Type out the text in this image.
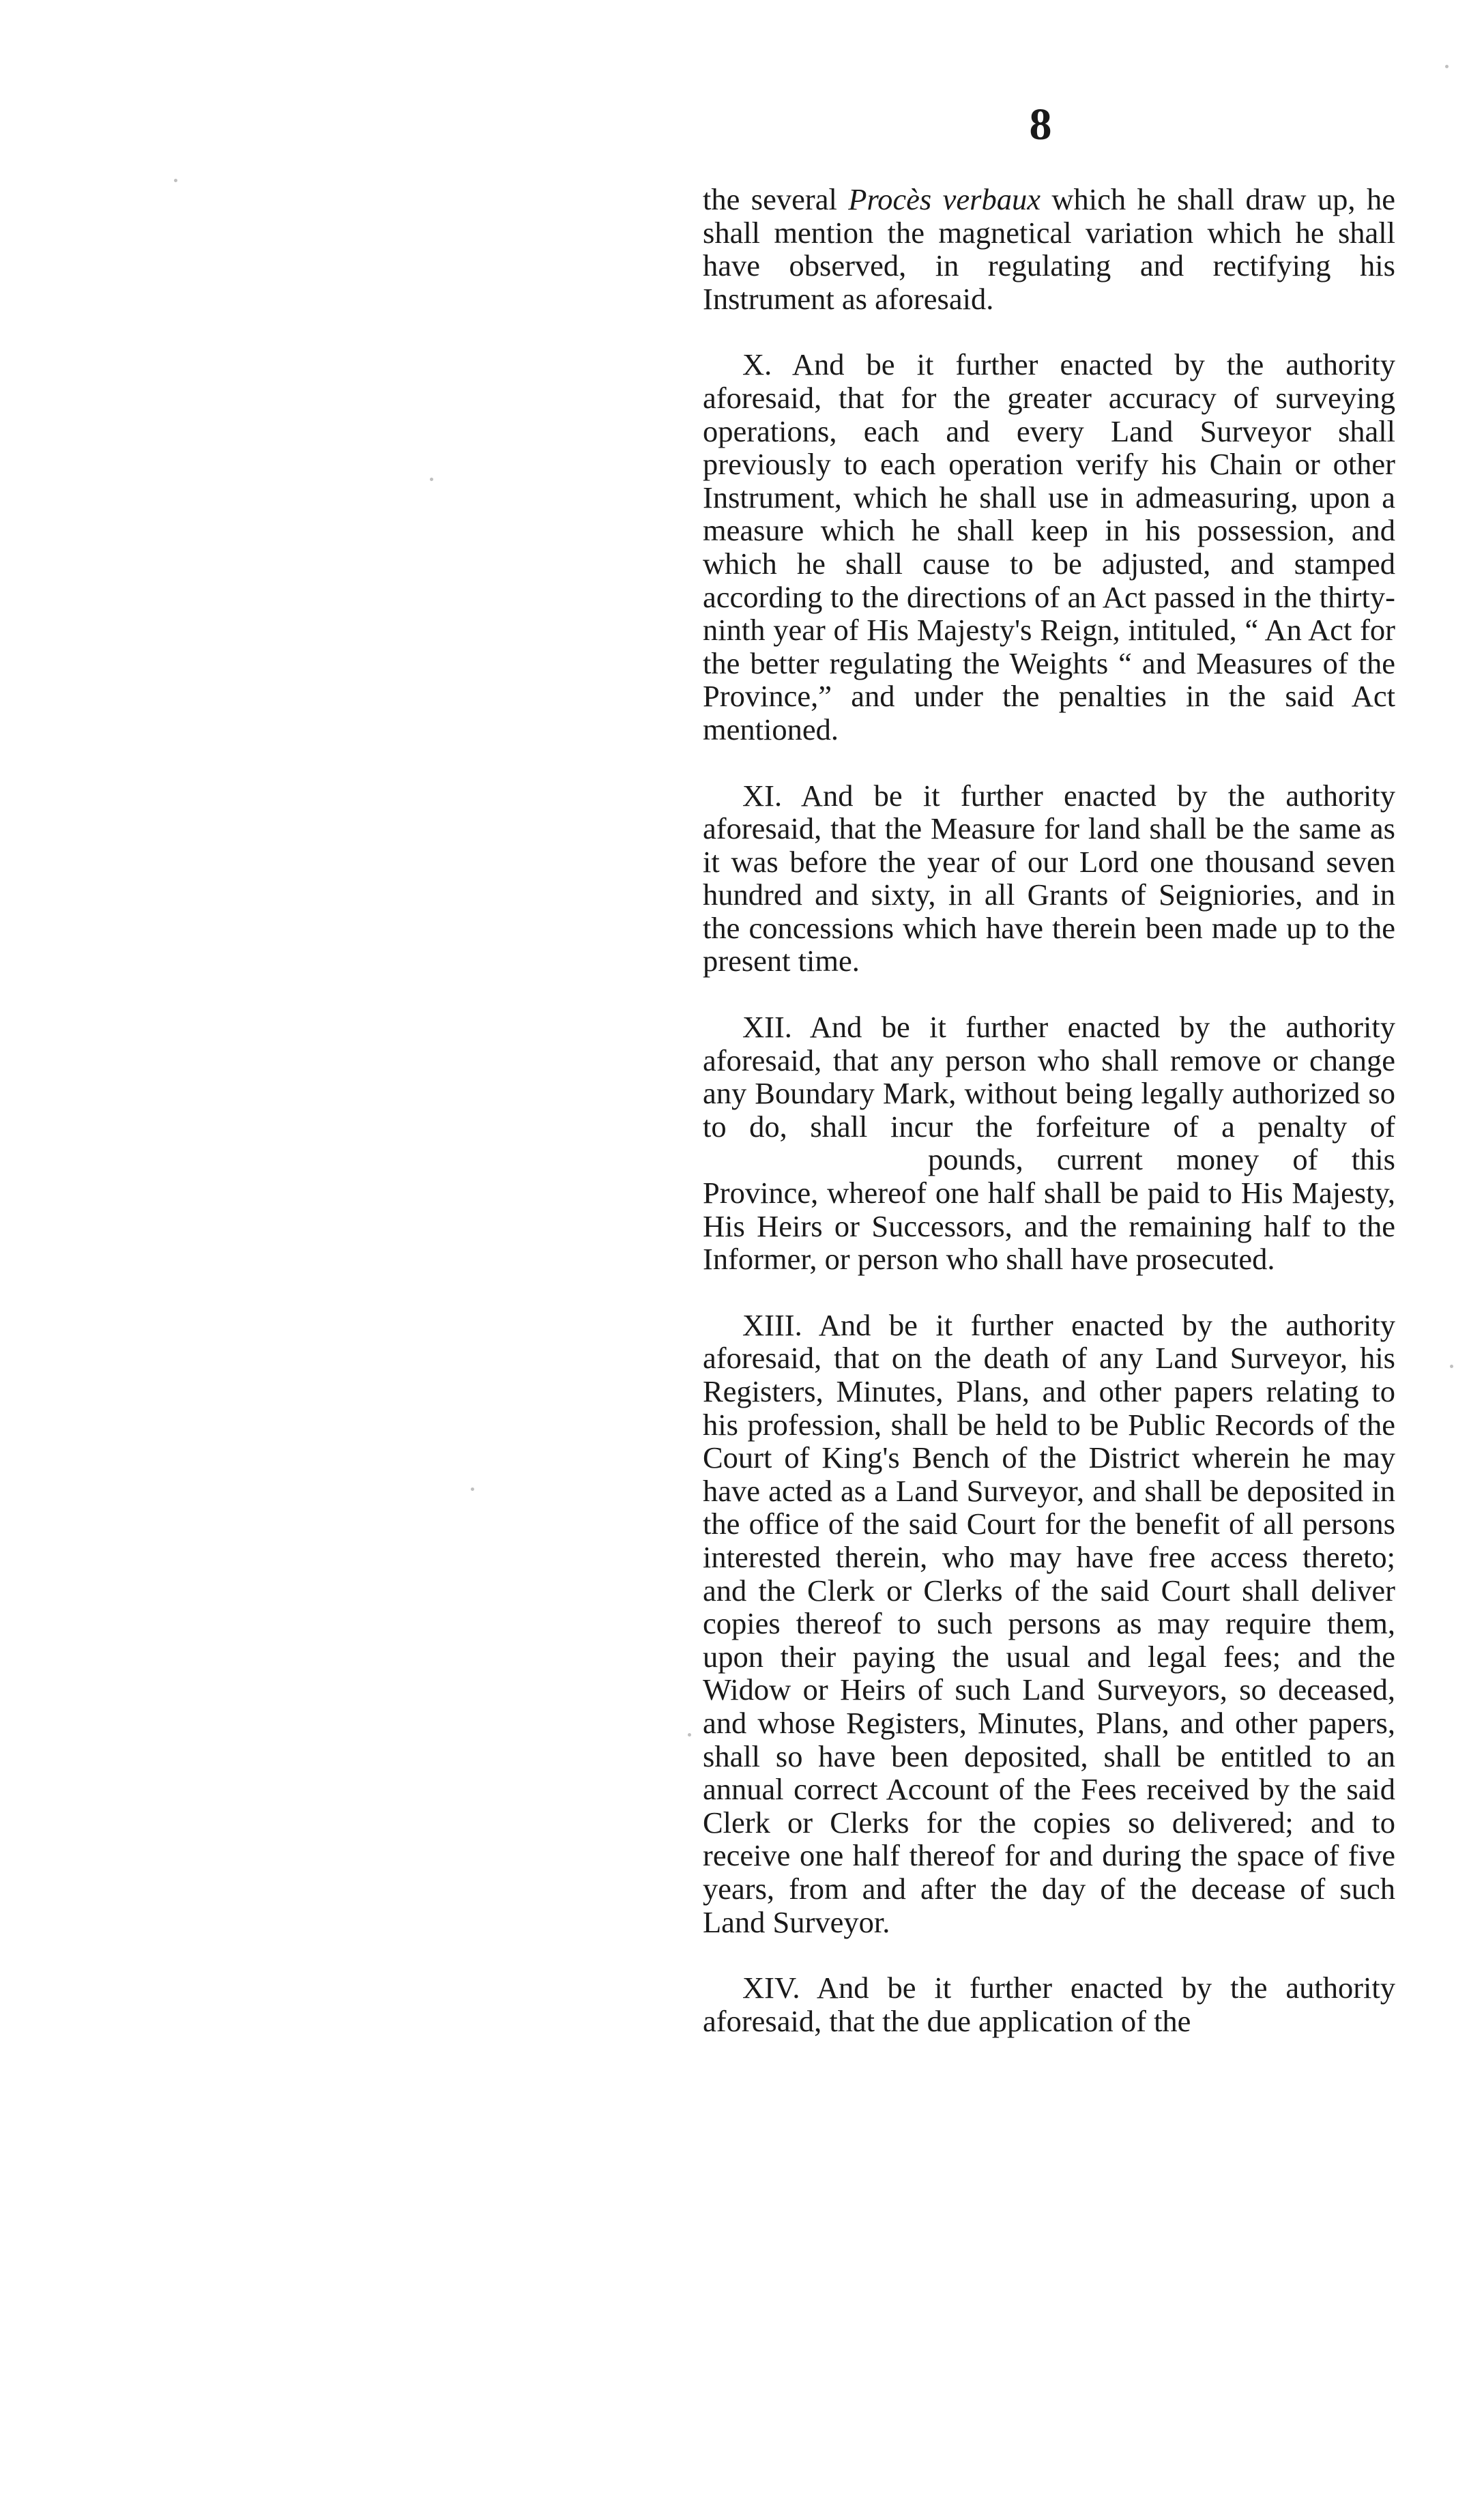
8

the several Procès verbaux which he shall draw up, he shall mention the magnetical variation which he shall have observed, in regulating and rectifying his Instrument as aforesaid.

X. And be it further enacted by the authority aforesaid, that for the greater accuracy of surveying operations, each and every Land Surveyor shall previously to each operation verify his Chain or other Instrument, which he shall use in admeasuring, upon a measure which he shall keep in his possession, and which he shall cause to be adjusted, and stamped according to the directions of an Act passed in the thirty-ninth year of His Majesty's Reign, intituled, “ An Act for the better regulating the Weights “ and Measures of the Province,” and under the penalties in the said Act mentioned.

XI. And be it further enacted by the authority aforesaid, that the Measure for land shall be the same as it was before the year of our Lord one thousand seven hundred and sixty, in all Grants of Seigniories, and in the concessions which have therein been made up to the present time.

XII. And be it further enacted by the authority aforesaid, that any person who shall remove or change any Boundary Mark, without being legally authorized so to do, shall incur the forfeiture of a penalty ofpounds, current money of this Province, whereof one half shall be paid to His Majesty, His Heirs or Successors, and the remaining half to the Informer, or person who shall have prosecuted.

XIII. And be it further enacted by the authority aforesaid, that on the death of any Land Surveyor, his Registers, Minutes, Plans, and other papers relating to his profession, shall be held to be Public Records of the Court of King's Bench of the District wherein he may have acted as a Land Surveyor, and shall be deposited in the office of the said Court for the benefit of all persons interested therein, who may have free access thereto; and the Clerk or Clerks of the said Court shall deliver copies thereof to such persons as may require them, upon their paying the usual and legal fees; and the Widow or Heirs of such Land Surveyors, so deceased, and whose Registers, Minutes, Plans, and other papers, shall so have been deposited, shall be entitled to an annual correct Account of the Fees received by the said Clerk or Clerks for the copies so delivered; and to receive one half thereof for and during the space of five years, from and after the day of the decease of such Land Surveyor.

XIV. And be it further enacted by the authority aforesaid, that the due application of the
